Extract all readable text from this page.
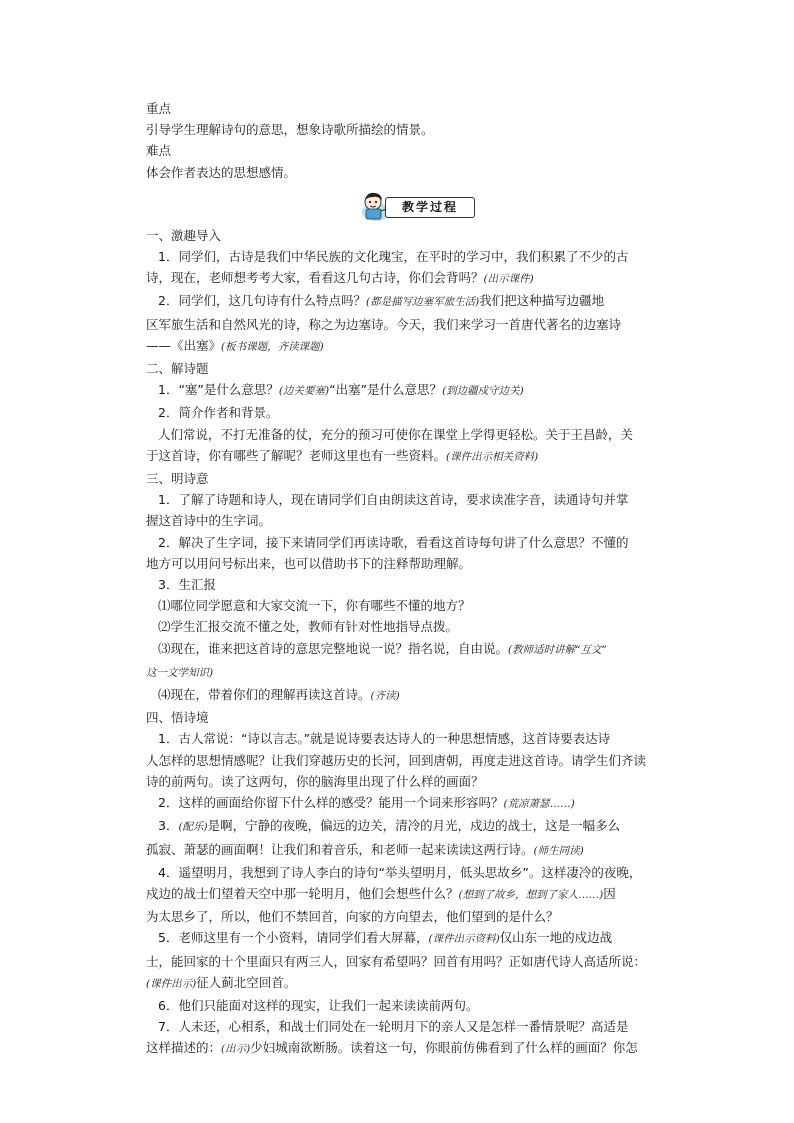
重点

引导学生理解诗句的意思，想象诗歌所描绘的情景。

难点

体会作者表达的思想感情。

教学过程

一、激趣导入

1．同学们，古诗是我们中华民族的文化瑰宝，在平时的学习中，我们积累了不少的古

诗，现在，老师想考考大家，看看这几句古诗，你们会背吗？(出示课件)

2．同学们，这几句诗有什么特点吗？(都是描写边塞军旅生活)我们把这种描写边疆地

区军旅生活和自然风光的诗，称之为边塞诗。今天，我们来学习一首唐代著名的边塞诗

——《出塞》(板书课题，齐读课题)

二、解诗题

1．“塞”是什么意思？(边关要塞)“出塞”是什么意思？(到边疆戍守边关)

2．简介作者和背景。

人们常说，不打无准备的仗，充分的预习可使你在课堂上学得更轻松。关于王昌龄，关

于这首诗，你有哪些了解呢？老师这里也有一些资料。(课件出示相关资料)

三、明诗意

1．了解了诗题和诗人，现在请同学们自由朗读这首诗，要求读准字音，读通诗句并掌

握这首诗中的生字词。

2．解决了生字词，接下来请同学们再读诗歌，看看这首诗每句讲了什么意思？不懂的

地方可以用问号标出来，也可以借助书下的注释帮助理解。

3．生汇报

⑴哪位同学愿意和大家交流一下，你有哪些不懂的地方？

⑵学生汇报交流不懂之处，教师有针对性地指导点拨。

⑶现在，谁来把这首诗的意思完整地说一说？指名说，自由说。(教师适时讲解“互文”

这一文学知识)

⑷现在，带着你们的理解再读这首诗。(齐读)

四、悟诗境

1．古人常说：“诗以言志。”就是说诗要表达诗人的一种思想情感，这首诗要表达诗

人怎样的思想情感呢？让我们穿越历史的长河，回到唐朝，再度走进这首诗。请学生们齐读

诗的前两句。读了这两句，你的脑海里出现了什么样的画面？

2．这样的画面给你留下什么样的感受？能用一个词来形容吗？(荒凉萧瑟……)

3．(配乐)是啊，宁静的夜晚，偏远的边关，清冷的月光，戍边的战士，这是一幅多么

孤寂、萧瑟的画面啊！让我们和着音乐，和老师一起来读读这两行诗。(师生同读)

4．遥望明月，我想到了诗人李白的诗句“举头望明月，低头思故乡”。这样凄冷的夜晚，

戍边的战士们望着天空中那一轮明月，他们会想些什么？(想到了故乡，想到了家人……)因

为太思乡了，所以，他们不禁回首，向家的方向望去，他们望到的是什么？

5．老师这里有一个小资料，请同学们看大屏幕，(课件出示资料)仅山东一地的戍边战

士，能回家的十个里面只有两三人，回家有希望吗？回首有用吗？正如唐代诗人高适所说：

(课件出示)征人蓟北空回首。

6．他们只能面对这样的现实，让我们一起来读读前两句。

7．人未还，心相系，和战士们同处在一轮明月下的亲人又是怎样一番情景呢？高适是

这样描述的：(出示)少妇城南欲断肠。读着这一句，你眼前仿佛看到了什么样的画面？你怎
